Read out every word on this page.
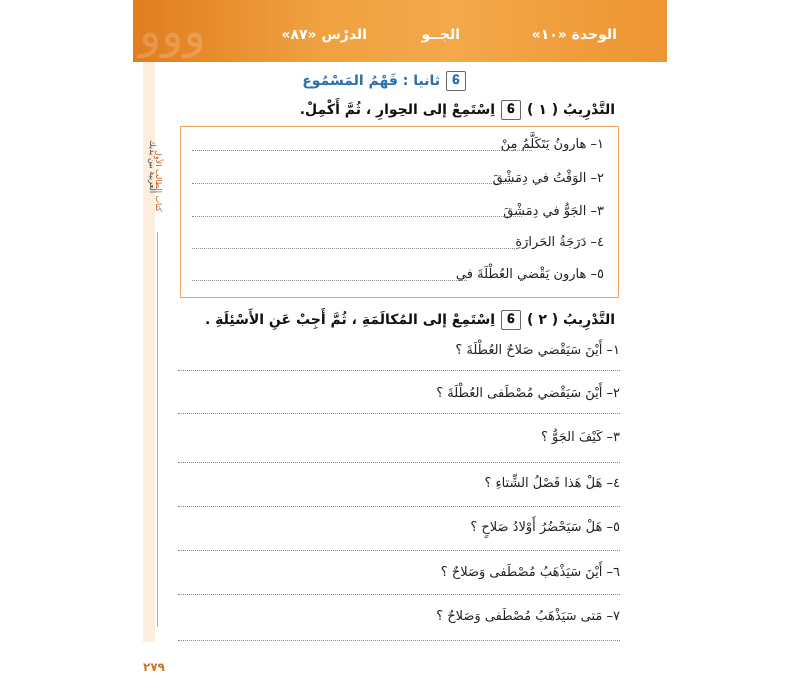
ﻭﻭﻭ	الوحدة «١٠»
الجــو
الدرْس «٨٧»
العربية بين يديك
كتاب الطالب الأول
٢٧٩
𝟔ثانيا : فَهْمُ المَسْمُوع
التَّدْرِيبُ ( ١ )𝟔اِسْتَمِعْ إلى الحِوارِ ، ثُمَّ أَكْمِلْ.
١– هارونُ يَتَكَلَّمُ مِنْ
٢– الوَقْتُ في دِمَشْقَ
٣– الجَوُّ في دِمَشْقَ
٤– دَرَجَةُ الحَرارَةِ
٥– هارون يَقْضي العُطْلَةَ في
التَّدْرِيبُ ( ٢ )𝟔اِسْتَمِعْ إلى المُكالَمَةِ ، ثُمَّ أَجِبْ عَنِ الأَسْئِلَةِ .
١– أَيْنَ سَيَقْضي صَلاحٌ العُطْلَةَ ؟
٢– أَيْنَ سَيَقْضي مُصْطَفى العُطْلَةَ ؟
٣– كَيْفَ الجَوُّ ؟
٤– هَلْ هَذا فَصْلُ الشِّتاءِ ؟
٥– هَلْ سَيَحْضُرُ أَوْلادُ صَلاحٍ ؟
٦– أَيْنَ سَيَذْهَبُ مُصْطَفى وَصَلاحٌ ؟
٧– مَتى سَيَذْهَبُ مُصْطَفى وَصَلاحٌ ؟
